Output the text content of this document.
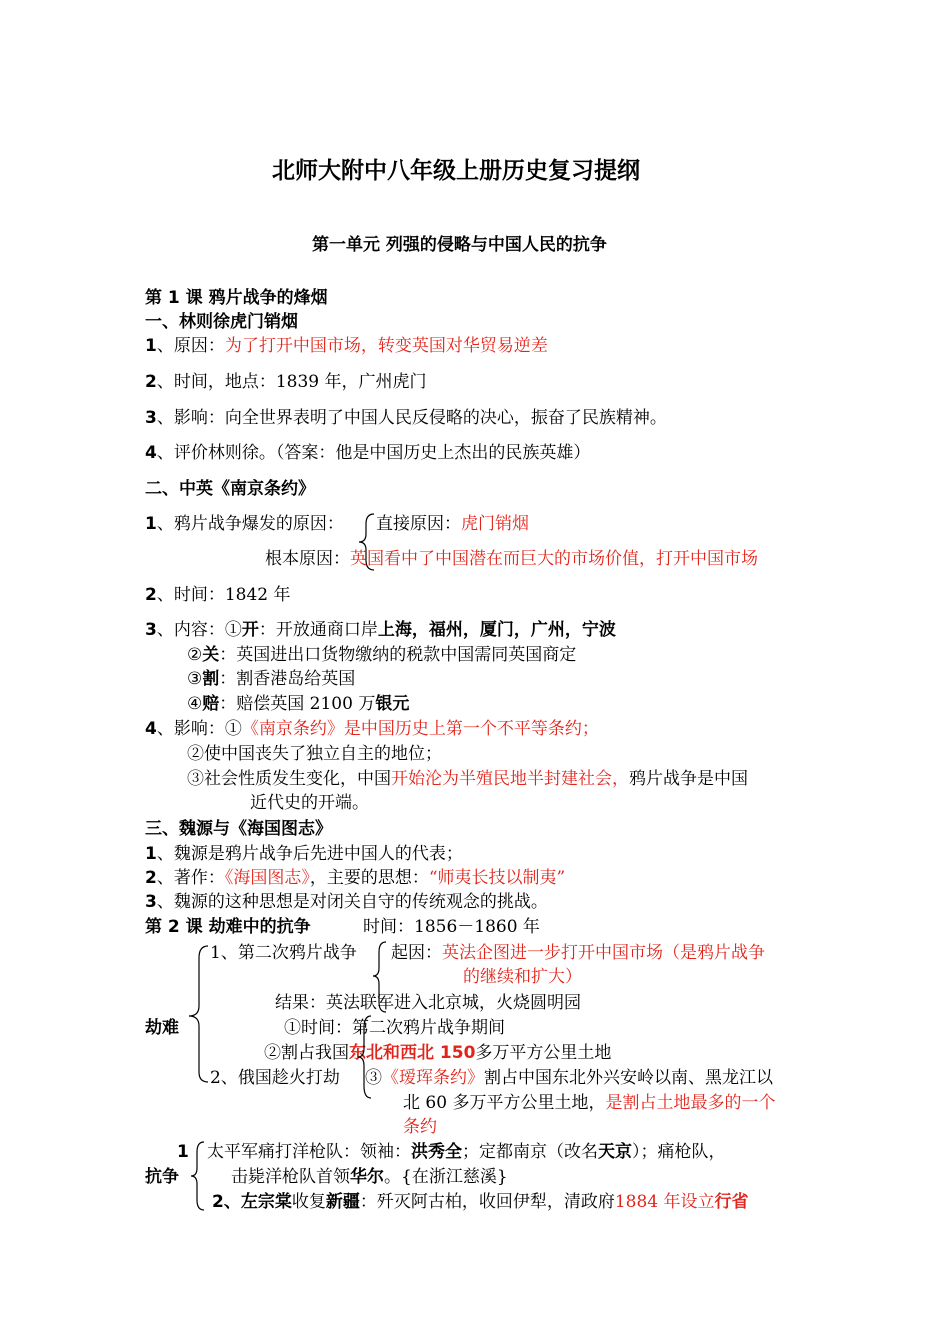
北师大附中八年级上册历史复习提纲
第一单元 列强的侵略与中国人民的抗争
第 1 课 鸦片战争的烽烟
一、林则徐虎门销烟
1、原因：为了打开中国市场，转变英国对华贸易逆差
2、时间，地点：1839 年，广州虎门
3、影响：向全世界表明了中国人民反侵略的决心，振奋了民族精神。
4、评价林则徐。（答案：他是中国历史上杰出的民族英雄）
二、中英《南京条约》
1、鸦片战争爆发的原因： 直接原因：虎门销烟
根本原因：英国看中了中国潜在而巨大的市场价值，打开中国市场
2、时间：1842 年
3、内容：①开：开放通商口岸上海，福州，厦门，广州，宁波
②关：英国进出口货物缴纳的税款中国需同英国商定
③割：割香港岛给英国
④赔：赔偿英国 2100 万银元
4、影响：①《南京条约》是中国历史上第一个不平等条约；
②使中国丧失了独立自主的地位；
③社会性质发生变化，中国开始沦为半殖民地半封建社会，鸦片战争是中国
近代史的开端。
三、魏源与《海国图志》
1、魏源是鸦片战争后先进中国人的代表；
2、著作：《海国图志》，主要的思想：“师夷长技以制夷”
3、魏源的这种思想是对闭关自守的传统观念的挑战。
第 2 课 劫难中的抗争	时间：1856－1860 年
1、第二次鸦片战争 起因：英法企图进一步打开中国市场（是鸦片战争
的继续和扩大）
结果：英法联军进入北京城，火烧圆明园
劫难	①时间：第二次鸦片战争期间
②割占我国东北和西北 150多万平方公里土地
2、俄国趁火打劫 ③《瑷珲条约》割占中国东北外兴安岭以南、黑龙江以
北 60 多万平方公里土地，是割占土地最多的一个
条约
1 太平军痛打洋枪队：领袖：洪秀全；定都南京（改名天京）；痛枪队，
抗争	击毙洋枪队首领华尔。{在浙江慈溪}
2、左宗棠收复新疆：歼灭阿古柏，收回伊犁，清政府1884 年设立行省
